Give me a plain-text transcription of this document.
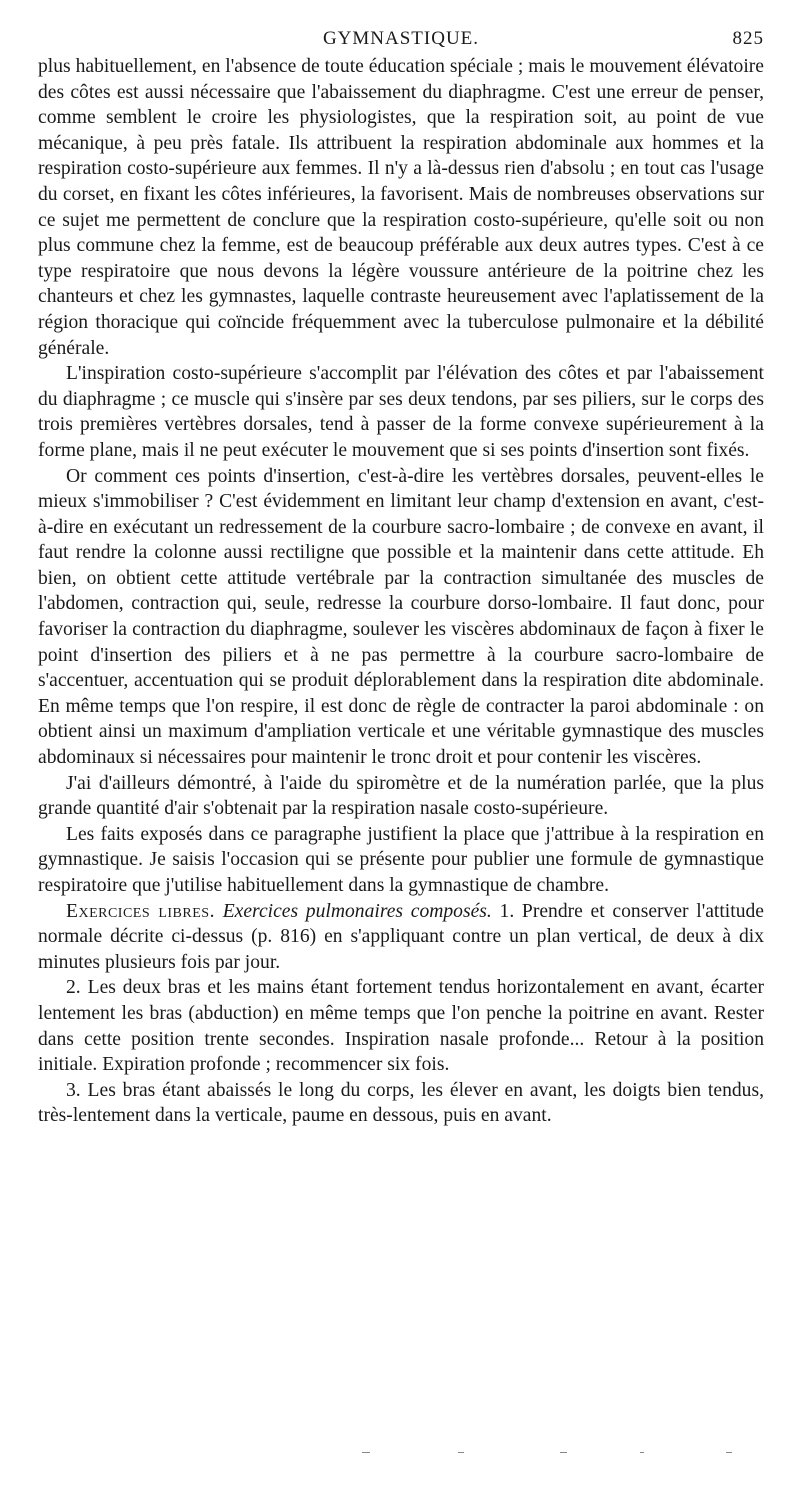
GYMNASTIQUE.	825

plus habituellement, en l'absence de toute éducation spéciale ; mais le mouvement élévatoire des côtes est aussi nécessaire que l'abaissement du diaphragme. C'est une erreur de penser, comme semblent le croire les physiologistes, que la respiration soit, au point de vue mécanique, à peu près fatale. Ils attribuent la respiration abdominale aux hommes et la respiration costo-supérieure aux femmes. Il n'y a là-dessus rien d'absolu ; en tout cas l'usage du corset, en fixant les côtes inférieures, la favorisent. Mais de nombreuses observations sur ce sujet me permettent de conclure que la respiration costo-supérieure, qu'elle soit ou non plus commune chez la femme, est de beaucoup préférable aux deux autres types. C'est à ce type respiratoire que nous devons la légère voussure antérieure de la poitrine chez les chanteurs et chez les gymnastes, laquelle contraste heureusement avec l'aplatissement de la région thoracique qui coïncide fréquemment avec la tuberculose pulmonaire et la débilité générale.

L'inspiration costo-supérieure s'accomplit par l'élévation des côtes et par l'abaissement du diaphragme ; ce muscle qui s'insère par ses deux tendons, par ses piliers, sur le corps des trois premières vertèbres dorsales, tend à passer de la forme convexe supérieurement à la forme plane, mais il ne peut exécuter le mouvement que si ses points d'insertion sont fixés.

Or comment ces points d'insertion, c'est-à-dire les vertèbres dorsales, peuvent-elles le mieux s'immobiliser ? C'est évidemment en limitant leur champ d'extension en avant, c'est-à-dire en exécutant un redressement de la courbure sacro-lombaire ; de convexe en avant, il faut rendre la colonne aussi rectiligne que possible et la maintenir dans cette attitude. Eh bien, on obtient cette attitude vertébrale par la contraction simultanée des muscles de l'abdomen, contraction qui, seule, redresse la courbure dorso-lombaire. Il faut donc, pour favoriser la contraction du diaphragme, soulever les viscères abdominaux de façon à fixer le point d'insertion des piliers et à ne pas permettre à la courbure sacro-lombaire de s'accentuer, accentuation qui se produit déplorablement dans la respiration dite abdominale. En même temps que l'on respire, il est donc de règle de contracter la paroi abdominale : on obtient ainsi un maximum d'ampliation verticale et une véritable gymnastique des muscles abdominaux si nécessaires pour maintenir le tronc droit et pour contenir les viscères.

J'ai d'ailleurs démontré, à l'aide du spiromètre et de la numération parlée, que la plus grande quantité d'air s'obtenait par la respiration nasale costo-supérieure.

Les faits exposés dans ce paragraphe justifient la place que j'attribue à la respiration en gymnastique. Je saisis l'occasion qui se présente pour publier une formule de gymnastique respiratoire que j'utilise habituellement dans la gymnastique de chambre.

Exercices libres. Exercices pulmonaires composés. 1. Prendre et conserver l'attitude normale décrite ci-dessus (p. 816) en s'appliquant contre un plan vertical, de deux à dix minutes plusieurs fois par jour.

2. Les deux bras et les mains étant fortement tendus horizontalement en avant, écarter lentement les bras (abduction) en même temps que l'on penche la poitrine en avant. Rester dans cette position trente secondes. Inspiration nasale profonde... Retour à la position initiale. Expiration profonde ; recommencer six fois.

3. Les bras étant abaissés le long du corps, les élever en avant, les doigts bien tendus, très-lentement dans la verticale, paume en dessous, puis en avant.
